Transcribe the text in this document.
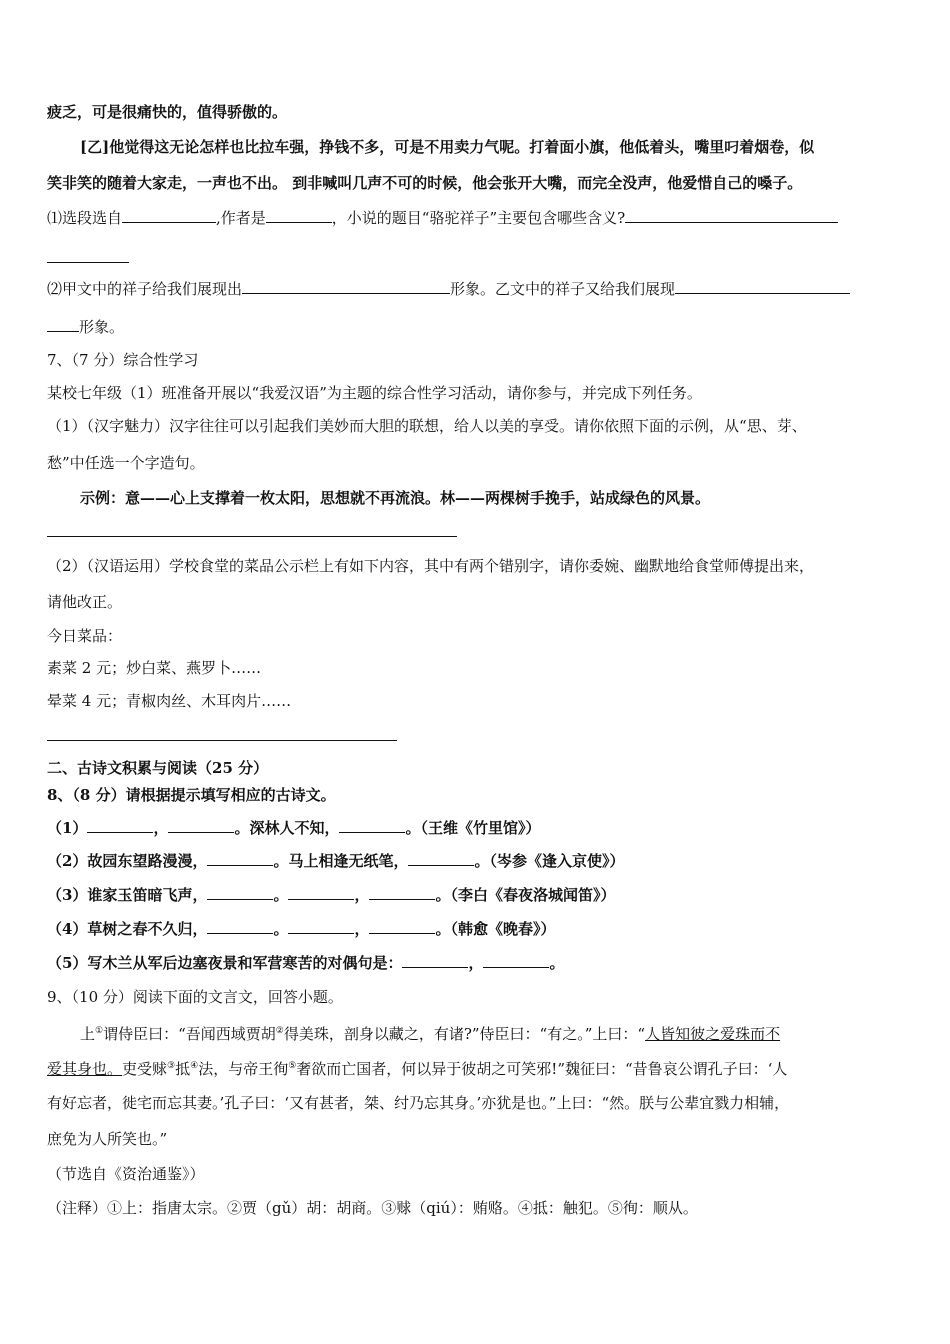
疲乏，可是很痛快的，值得骄傲的。
[乙]他觉得这无论怎样也比拉车强，挣钱不多，可是不用卖力气呢。打着面小旗，他低着头，嘴里叼着烟卷，似
笑非笑的随着大家走，一声也不出。 到非喊叫几声不可的时候，他会张开大嘴，而完全没声，他爱惜自己的嗓子。
⑴选段选自	,作者是	，小说的题目“骆驼祥子”主要包含哪些含义?
⑵甲文中的祥子给我们展现出	形象。乙文中的祥子又给我们展现
形象。
7、（7 分）综合性学习
某校七年级（1）班准备开展以“我爱汉语”为主题的综合性学习活动，请你参与，并完成下列任务。
（1）（汉字魅力）汉字往往可以引起我们美妙而大胆的联想，给人以美的享受。请你依照下面的示例，从“思、芽、
愁”中任选一个字造句。
示例：意——心上支撑着一枚太阳，思想就不再流浪。林——两棵树手挽手，站成绿色的风景。
（2）（汉语运用）学校食堂的菜品公示栏上有如下内容，其中有两个错别字，请你委婉、幽默地给食堂师傅提出来，
请他改正。
今日菜品：
素菜 2 元；炒白菜、燕罗卜……
晕菜 4 元；青椒肉丝、木耳肉片……
二、古诗文积累与阅读（25 分）
8、（8 分）请根据提示填写相应的古诗文。
（1）	，	。深林人不知，	。（王维《竹里馆》）
（2）故园东望路漫漫，	。马上相逢无纸笔，	。（岑参《逢入京使》）
（3）谁家玉笛暗飞声，	。	，	。（李白《春夜洛城闻笛》）
（4）草树之春不久归，	。	，	。（韩愈《晚春》）
（5）写木兰从军后边塞夜景和军营寒苦的对偶句是：	，	。
9、（10 分）阅读下面的文言文，回答小题。
上①谓侍臣曰：“吾闻西域贾胡②得美珠，剖身以藏之，有诸?”侍臣曰：“有之。”上曰：“人皆知彼之爱珠而不
爱其身也。吏受赇③抵④法，与帝王徇⑤奢欲而亡国者，何以异于彼胡之可笑邪!”魏征曰：“昔鲁哀公谓孔子曰：‘人
有好忘者，徙宅而忘其妻。’孔子曰：‘又有甚者，桀、纣乃忘其身。’亦犹是也。”上曰：“然。朕与公辈宜戮力相辅，
庶免为人所笑也。”
（节选自《资治通鉴》）
（注释）①上：指唐太宗。②贾（gǔ）胡：胡商。③赇（qiú）：贿赂。④抵：触犯。⑤徇：顺从。
